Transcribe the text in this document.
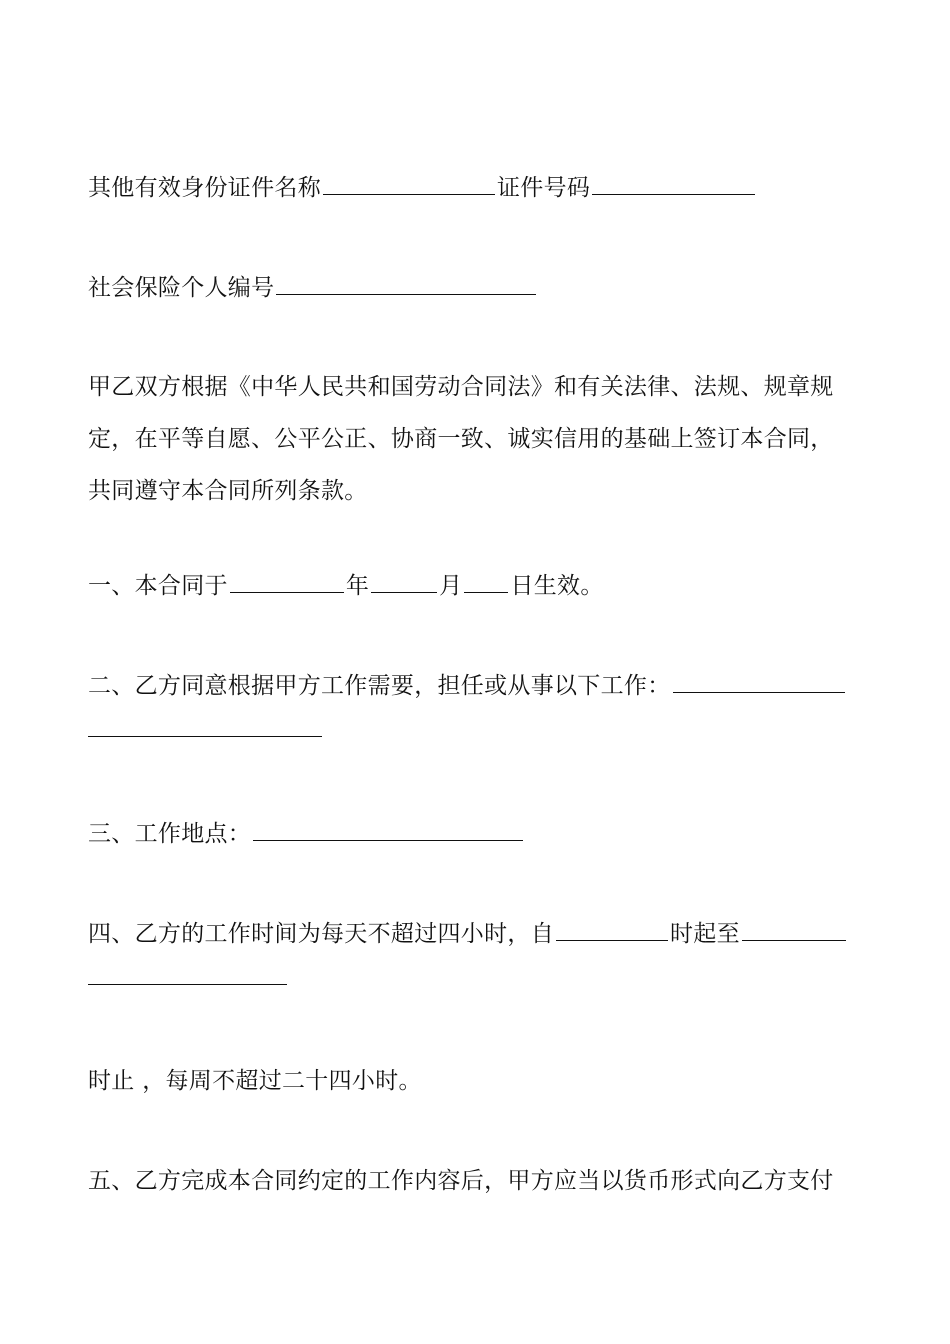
其他有效身份证件名称	证件号码
社会保险个人编号
甲乙双方根据《中华人民共和国劳动合同法》和有关法律、法规、规章规
定，在平等自愿、公平公正、协商一致、诚实信用的基础上签订本合同，
共同遵守本合同所列条款。
一、本合同于	年	月 日生效。
二、乙方同意根据甲方工作需要，担任或从事以下工作：
三、工作地点：
四、乙方的工作时间为每天不超过四小时，自	时起至
时止 ，每周不超过二十四小时。
五、乙方完成本合同约定的工作内容后，甲方应当以货币形式向乙方支付
